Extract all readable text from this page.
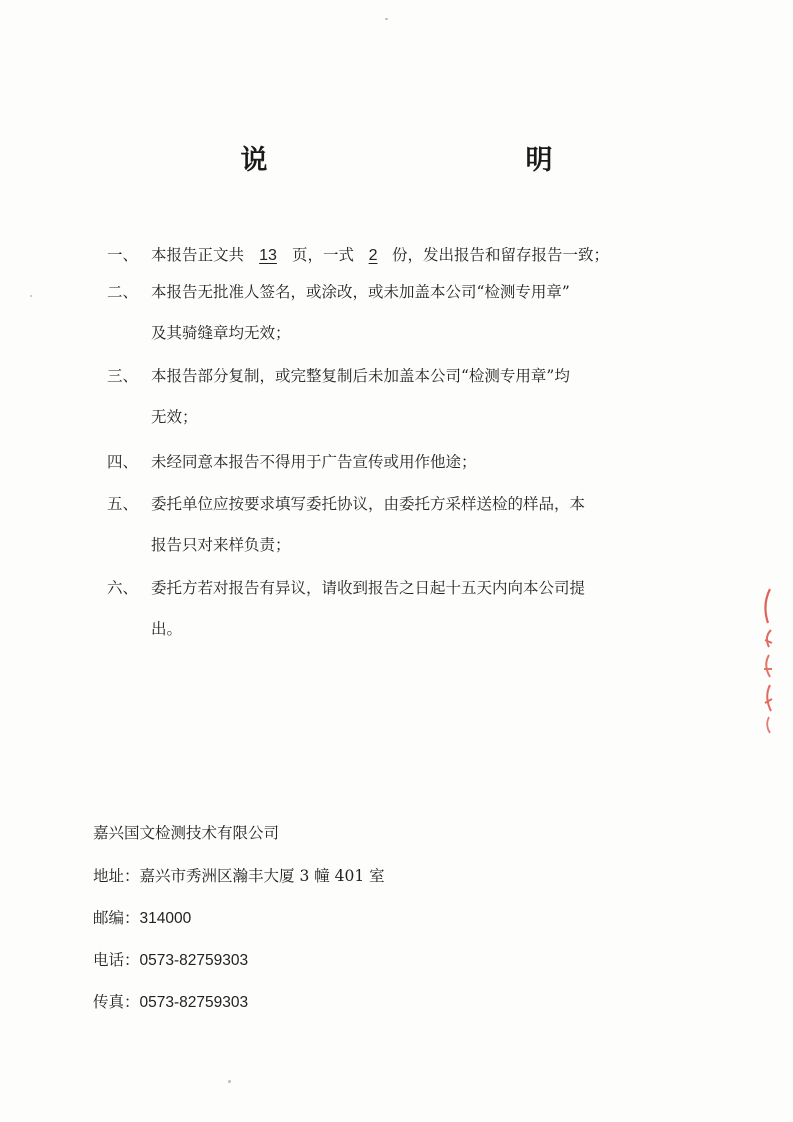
说　　明
一、 本报告正文共 13 页，一式 2 份，发出报告和留存报告一致；
二、 本报告无批准人签名，或涂改，或未加盖本公司“检测专用章”
及其骑缝章均无效；
三、 本报告部分复制，或完整复制后未加盖本公司“检测专用章”均
无效；
四、 未经同意本报告不得用于广告宣传或用作他途；
五、 委托单位应按要求填写委托协议，由委托方采样送检的样品，本
报告只对来样负责；
六、 委托方若对报告有异议，请收到报告之日起十五天内向本公司提
出。
嘉兴国文检测技术有限公司
地址：嘉兴市秀洲区瀚丰大厦 3 幢 401 室
邮编：314000
电话：0573-82759303
传真：0573-82759303
